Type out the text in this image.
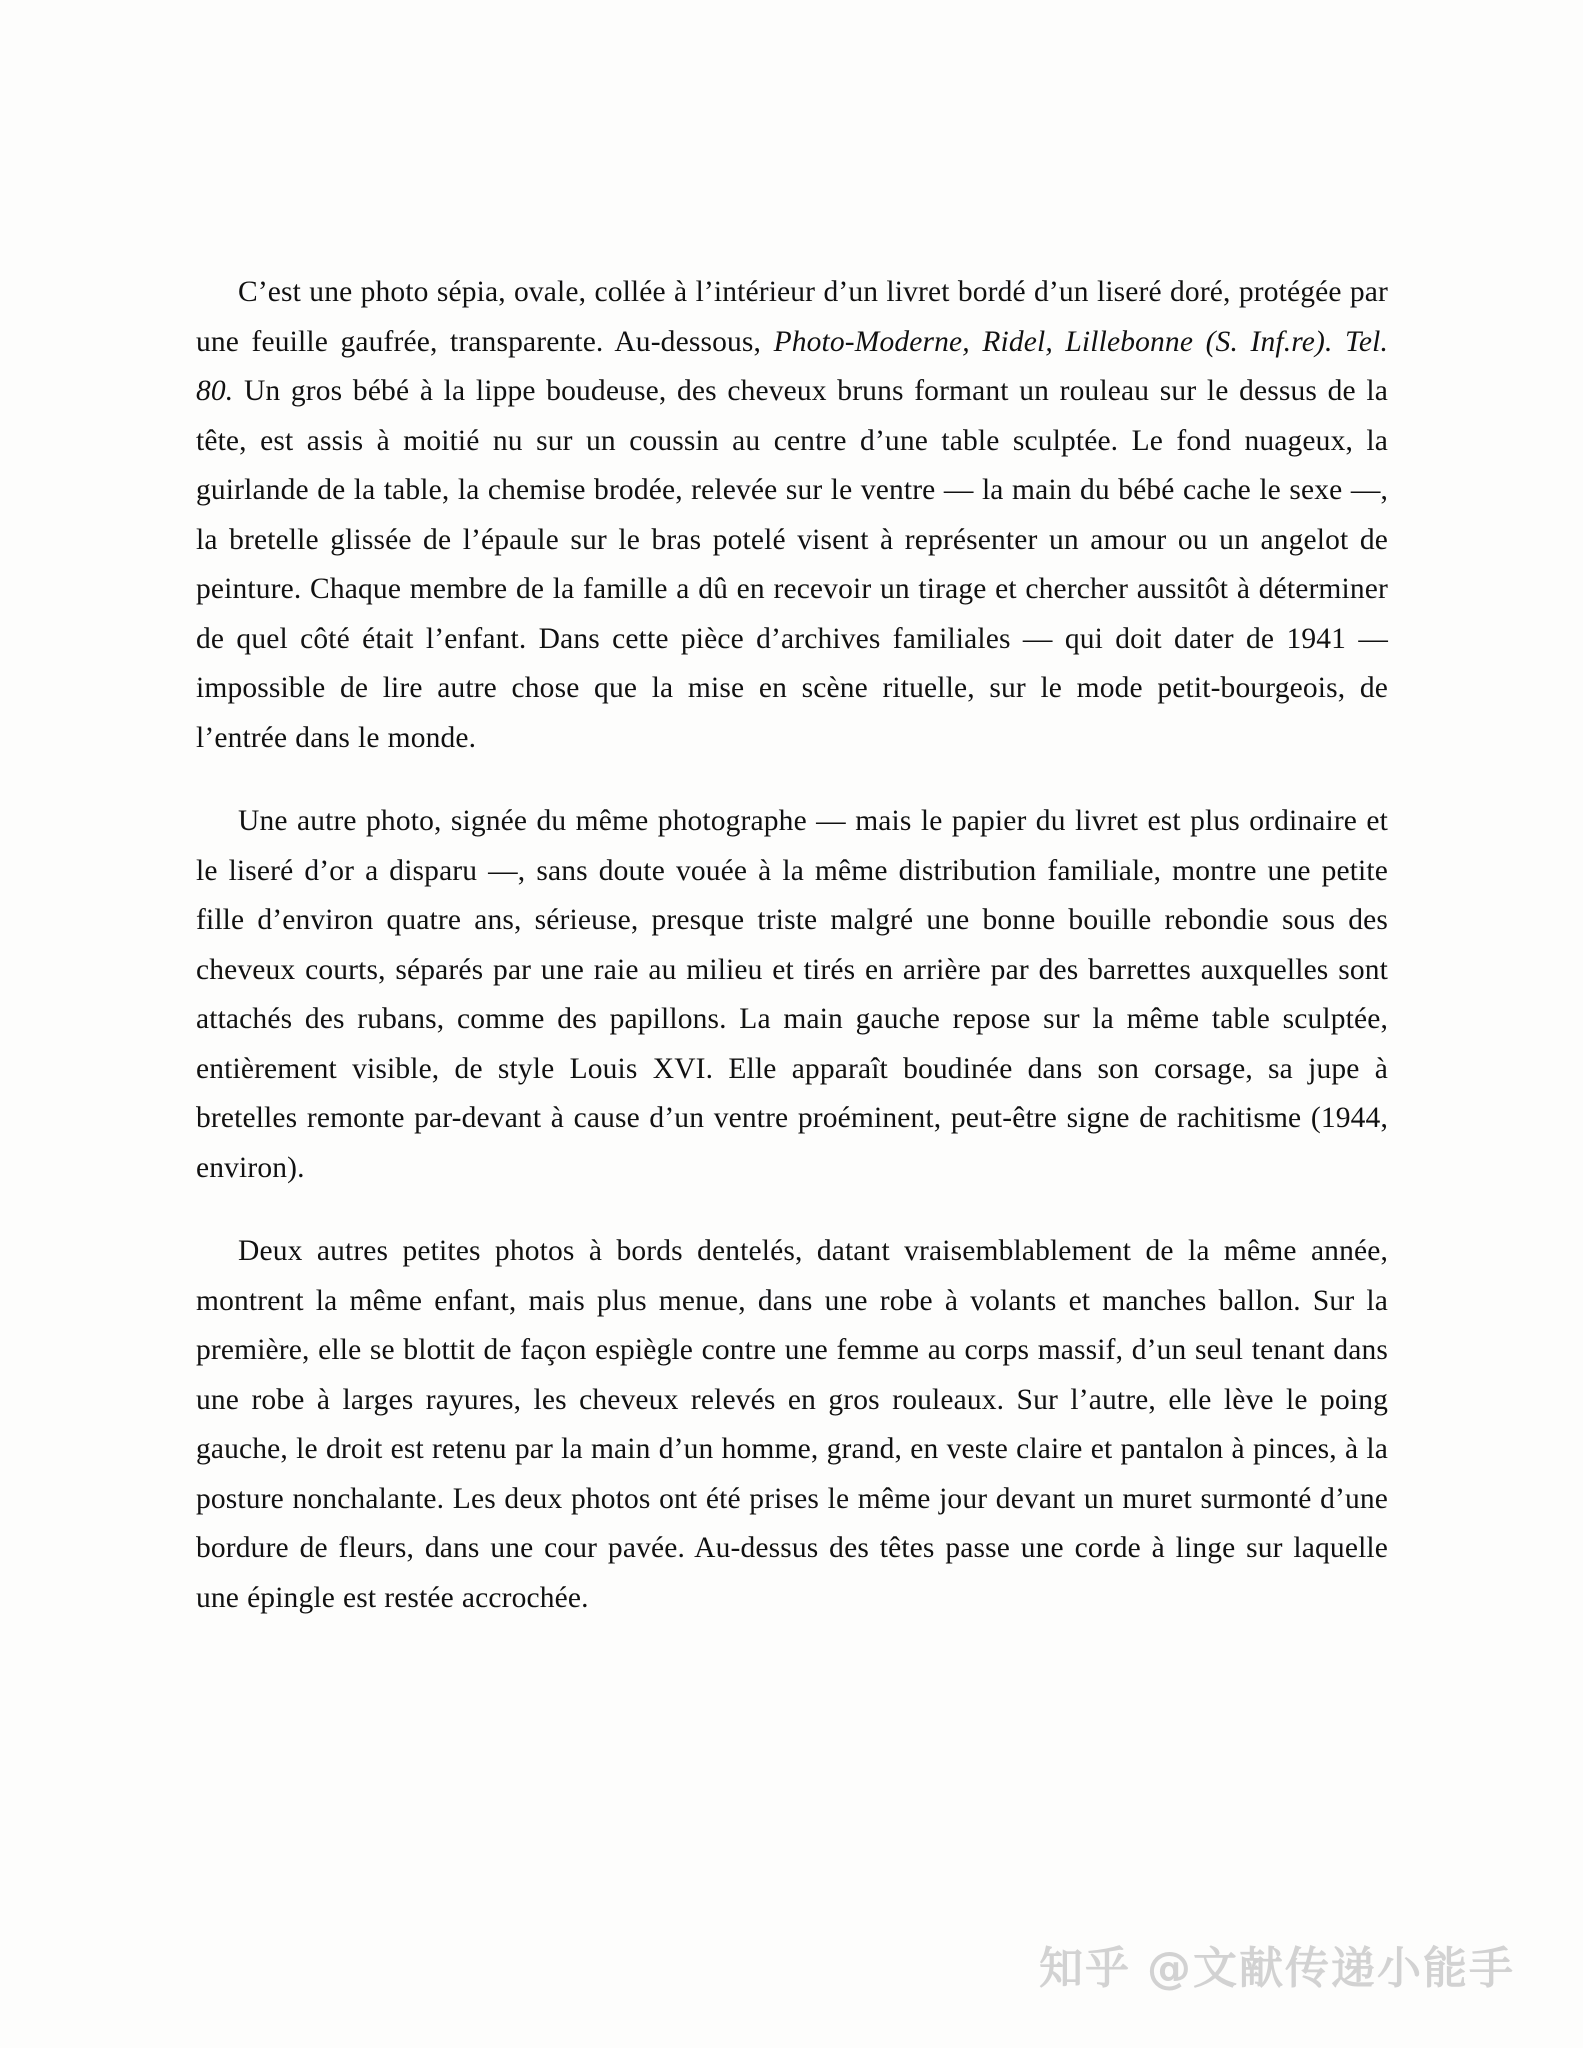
C’est une photo sépia, ovale, collée à l’intérieur d’un livret bordé d’un liseré doré, protégée par une feuille gaufrée, transparente. Au-dessous, Photo-Moderne, Ridel, Lillebonne (S. Inf.re). Tel. 80. Un gros bébé à la lippe boudeuse, des cheveux bruns formant un rouleau sur le dessus de la tête, est assis à moitié nu sur un coussin au centre d’une table sculptée. Le fond nuageux, la guirlande de la table, la chemise brodée, relevée sur le ventre — la main du bébé cache le sexe —, la bretelle glissée de l’épaule sur le bras potelé visent à représenter un amour ou un angelot de peinture. Chaque membre de la famille a dû en recevoir un tirage et chercher aussitôt à déterminer de quel côté était l’enfant. Dans cette pièce d’archives familiales — qui doit dater de 1941 — impossible de lire autre chose que la mise en scène rituelle, sur le mode petit-bourgeois, de l’entrée dans le monde.

Une autre photo, signée du même photographe — mais le papier du livret est plus ordinaire et le liseré d’or a disparu —, sans doute vouée à la même distribution familiale, montre une petite fille d’environ quatre ans, sérieuse, presque triste malgré une bonne bouille rebondie sous des cheveux courts, séparés par une raie au milieu et tirés en arrière par des barrettes auxquelles sont attachés des rubans, comme des papillons. La main gauche repose sur la même table sculptée, entièrement visible, de style Louis XVI. Elle apparaît boudinée dans son corsage, sa jupe à bretelles remonte par-devant à cause d’un ventre proéminent, peut-être signe de rachitisme (1944, environ).

Deux autres petites photos à bords dentelés, datant vraisemblablement de la même année, montrent la même enfant, mais plus menue, dans une robe à volants et manches ballon. Sur la première, elle se blottit de façon espiègle contre une femme au corps massif, d’un seul tenant dans une robe à larges rayures, les cheveux relevés en gros rouleaux. Sur l’autre, elle lève le poing gauche, le droit est retenu par la main d’un homme, grand, en veste claire et pantalon à pinces, à la posture nonchalante. Les deux photos ont été prises le même jour devant un muret surmonté d’une bordure de fleurs, dans une cour pavée. Au-dessus des têtes passe une corde à linge sur laquelle une épingle est restée accrochée.

知乎 @文献传递小能手
